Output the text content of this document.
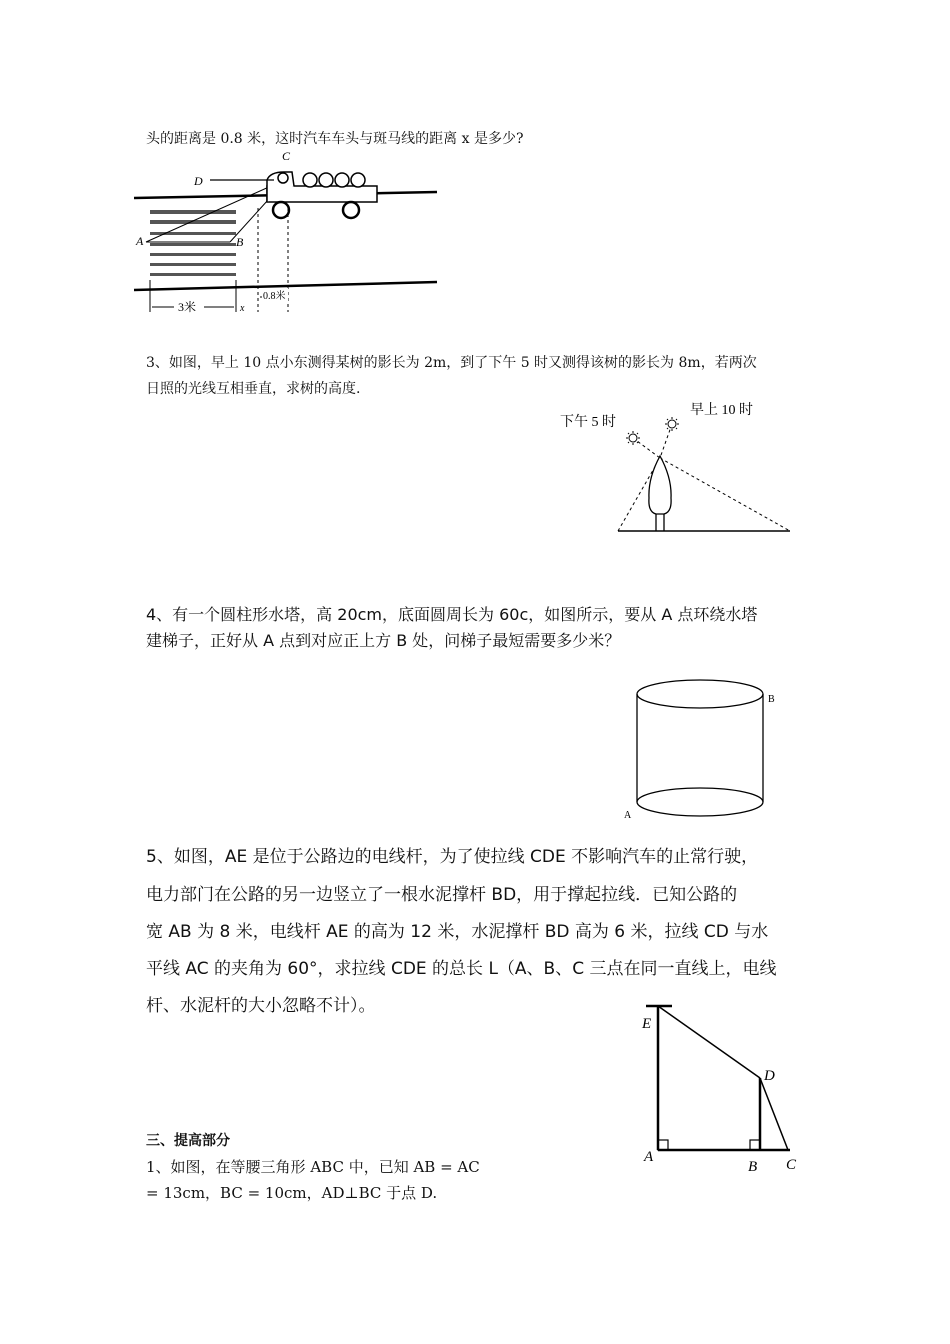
头的距离是 0.8 米，这时汽车车头与斑马线的距离 x 是多少?
C
D
A	B
3米	x
0.8米
3、如图，早上 10 点小东测得某树的影长为 2m，到了下午 5 时又测得该树的影长为 8m，若两次
日照的光线互相垂直，求树的高度.
下午 5 时
早上 10 时
4、有一个圆柱形水塔，高 20cm，底面圆周长为 60c，如图所示，要从 A 点环绕水塔
建梯子，正好从 A 点到对应正上方 B 处，问梯子最短需要多少米？
B
A
5、如图，AE 是位于公路边的电线杆，为了使拉线 CDE 不影响汽车的止常行驶，
电力部门在公路的另一边竖立了一根水泥撑杆 BD，用于撑起拉线．已知公路的
宽 AB 为 8 米，电线杆 AE 的高为 12 米，水泥撑杆 BD 高为 6 米，拉线 CD 与水
平线 AC 的夹角为 60°，求拉线 CDE 的总长 L（A、B、C 三点在同一直线上，电线
杆、水泥杆的大小忽略不计）。
E
D
A
B C
三、提高部分
1、如图，在等腰三角形 ABC 中，已知 AB = AC
= 13cm，BC = 10cm，AD⊥BC 于点 D.
